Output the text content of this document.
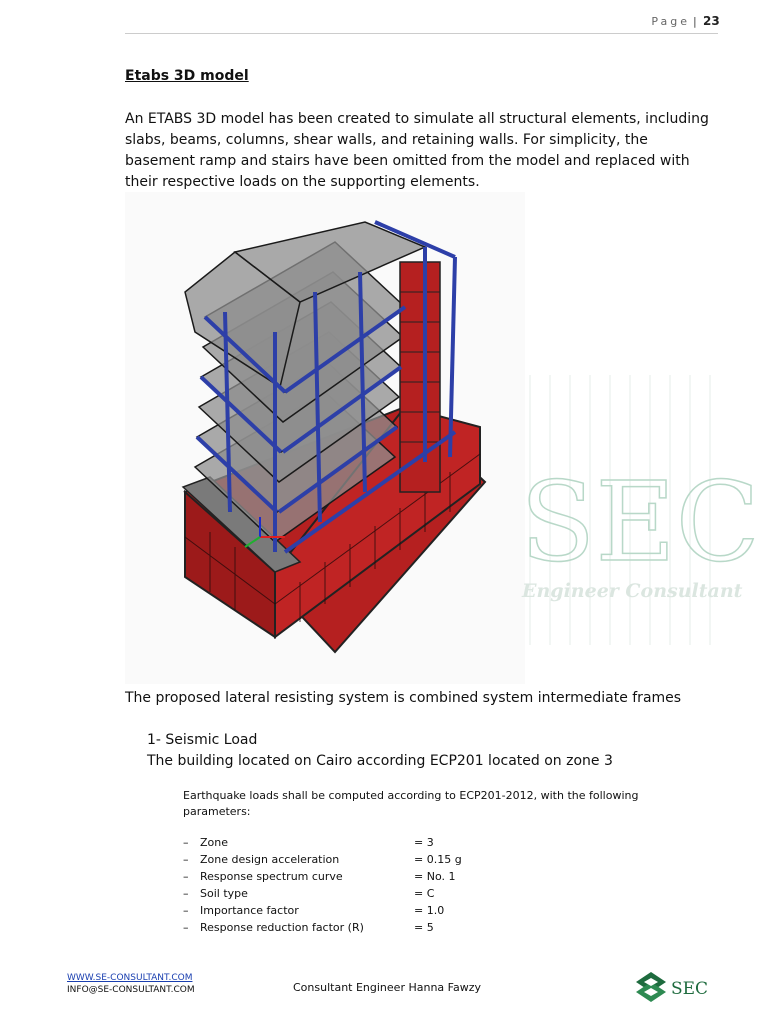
Page | 23
Etabs 3D model
An ETABS 3D model has been created to simulate all structural elements, including slabs, beams, columns, shear walls, and retaining walls. For simplicity, the basement ramp and stairs have been omitted from the model and replaced with their respective loads on the supporting elements.
SEC
Engineer Consultant
The proposed lateral resisting system is combined system intermediate frames
1- Seismic Load
The building located on Cairo according ECP201 located on zone 3
Earthquake loads shall be computed according to ECP201-2012, with the following parameters:
– Zone	= 3
– Zone design acceleration	= 0.15 g
– Response spectrum curve	= No. 1
– Soil type	= C
– Importance factor	= 1.0
– Response reduction factor (R)	= 5
WWW.SE-CONSULTANT.COM
INFO@SE-CONSULTANT.COM	Consultant Engineer Hanna Fawzy	SEC
